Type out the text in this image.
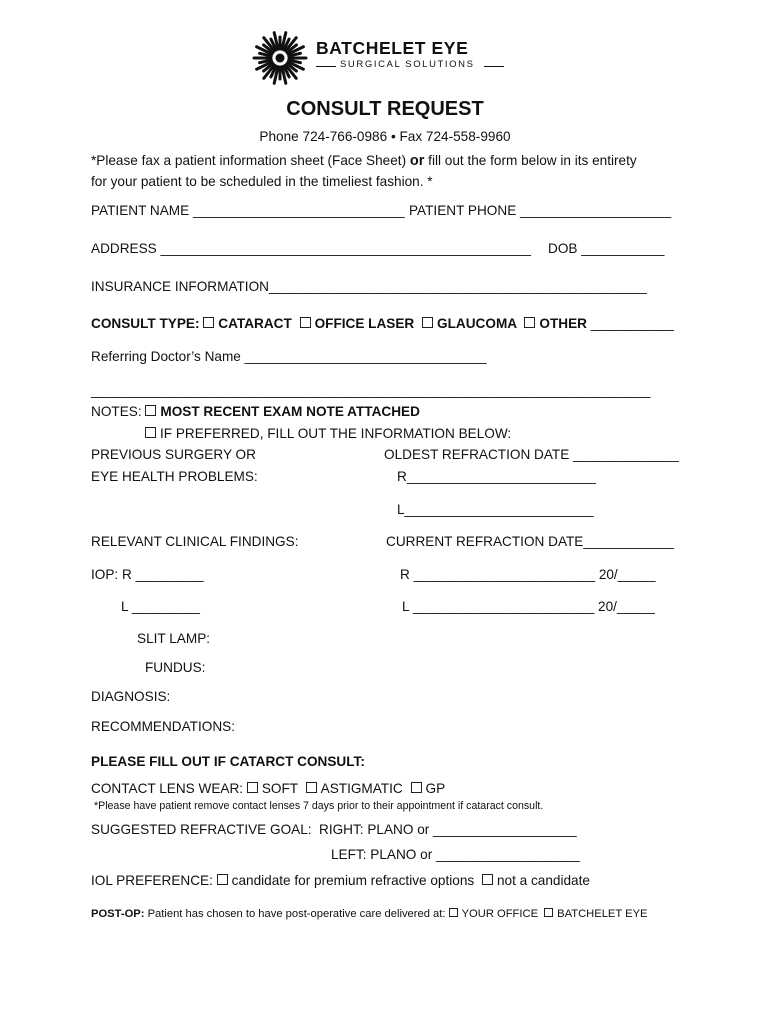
BATCHELET EYE
SURGICAL SOLUTIONS
CONSULT REQUEST
Phone 724-766-0986 • Fax 724-558-9960
*Please fax a patient information sheet (Face Sheet) or fill out the form below in its entirety
for your patient to be scheduled in the timeliest fashion. *
PATIENT NAME ____________________________ PATIENT PHONE ____________________
ADDRESS _________________________________________________ DOB ___________
INSURANCE INFORMATION__________________________________________________
CONSULT TYPE: CATARACT OFFICE LASER GLAUCOMA OTHER ___________
Referring Doctor’s Name ________________________________
__________________________________________________________________________
NOTES: MOST RECENT EXAM NOTE ATTACHED
IF PREFERRED, FILL OUT THE INFORMATION BELOW:
PREVIOUS SURGERY OR
EYE HEALTH PROBLEMS:
OLDEST REFRACTION DATE ______________
R_________________________
L_________________________
RELEVANT CLINICAL FINDINGS:	CURRENT REFRACTION DATE____________
IOP: R _________	R ________________________ 20/_____
L _________	L ________________________ 20/_____
SLIT LAMP:
FUNDUS:
DIAGNOSIS:
RECOMMENDATIONS:
PLEASE FILL OUT IF CATARCT CONSULT:
CONTACT LENS WEAR: SOFT ASTIGMATIC GP
*Please have patient remove contact lenses 7 days prior to their appointment if cataract consult.
SUGGESTED REFRACTIVE GOAL: RIGHT: PLANO or ___________________
LEFT: PLANO or ___________________
IOL PREFERENCE: candidate for premium refractive options not a candidate
POST-OP: Patient has chosen to have post-operative care delivered at: YOUR OFFICE BATCHELET EYE
